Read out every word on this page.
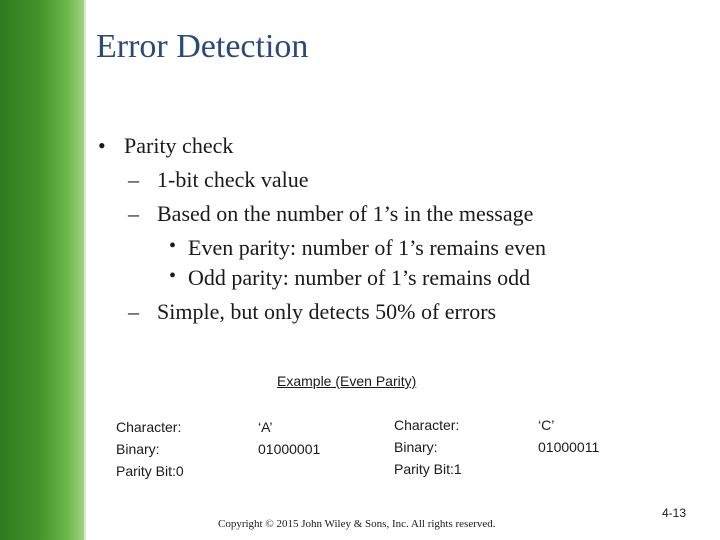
Error Detection
• Parity check
– 1-bit check value
– Based on the number of 1’s in the message
• Even parity: number of 1’s remains even
• Odd parity: number of 1’s remains odd
– Simple, but only detects 50% of errors
Example (Even Parity)
Character:
Binary:
Parity Bit:0
‘A’
01000001
Character:
Binary:
Parity Bit:1
‘C’
01000011
Copyright © 2015 John Wiley & Sons, Inc. All rights reserved.
4-13
